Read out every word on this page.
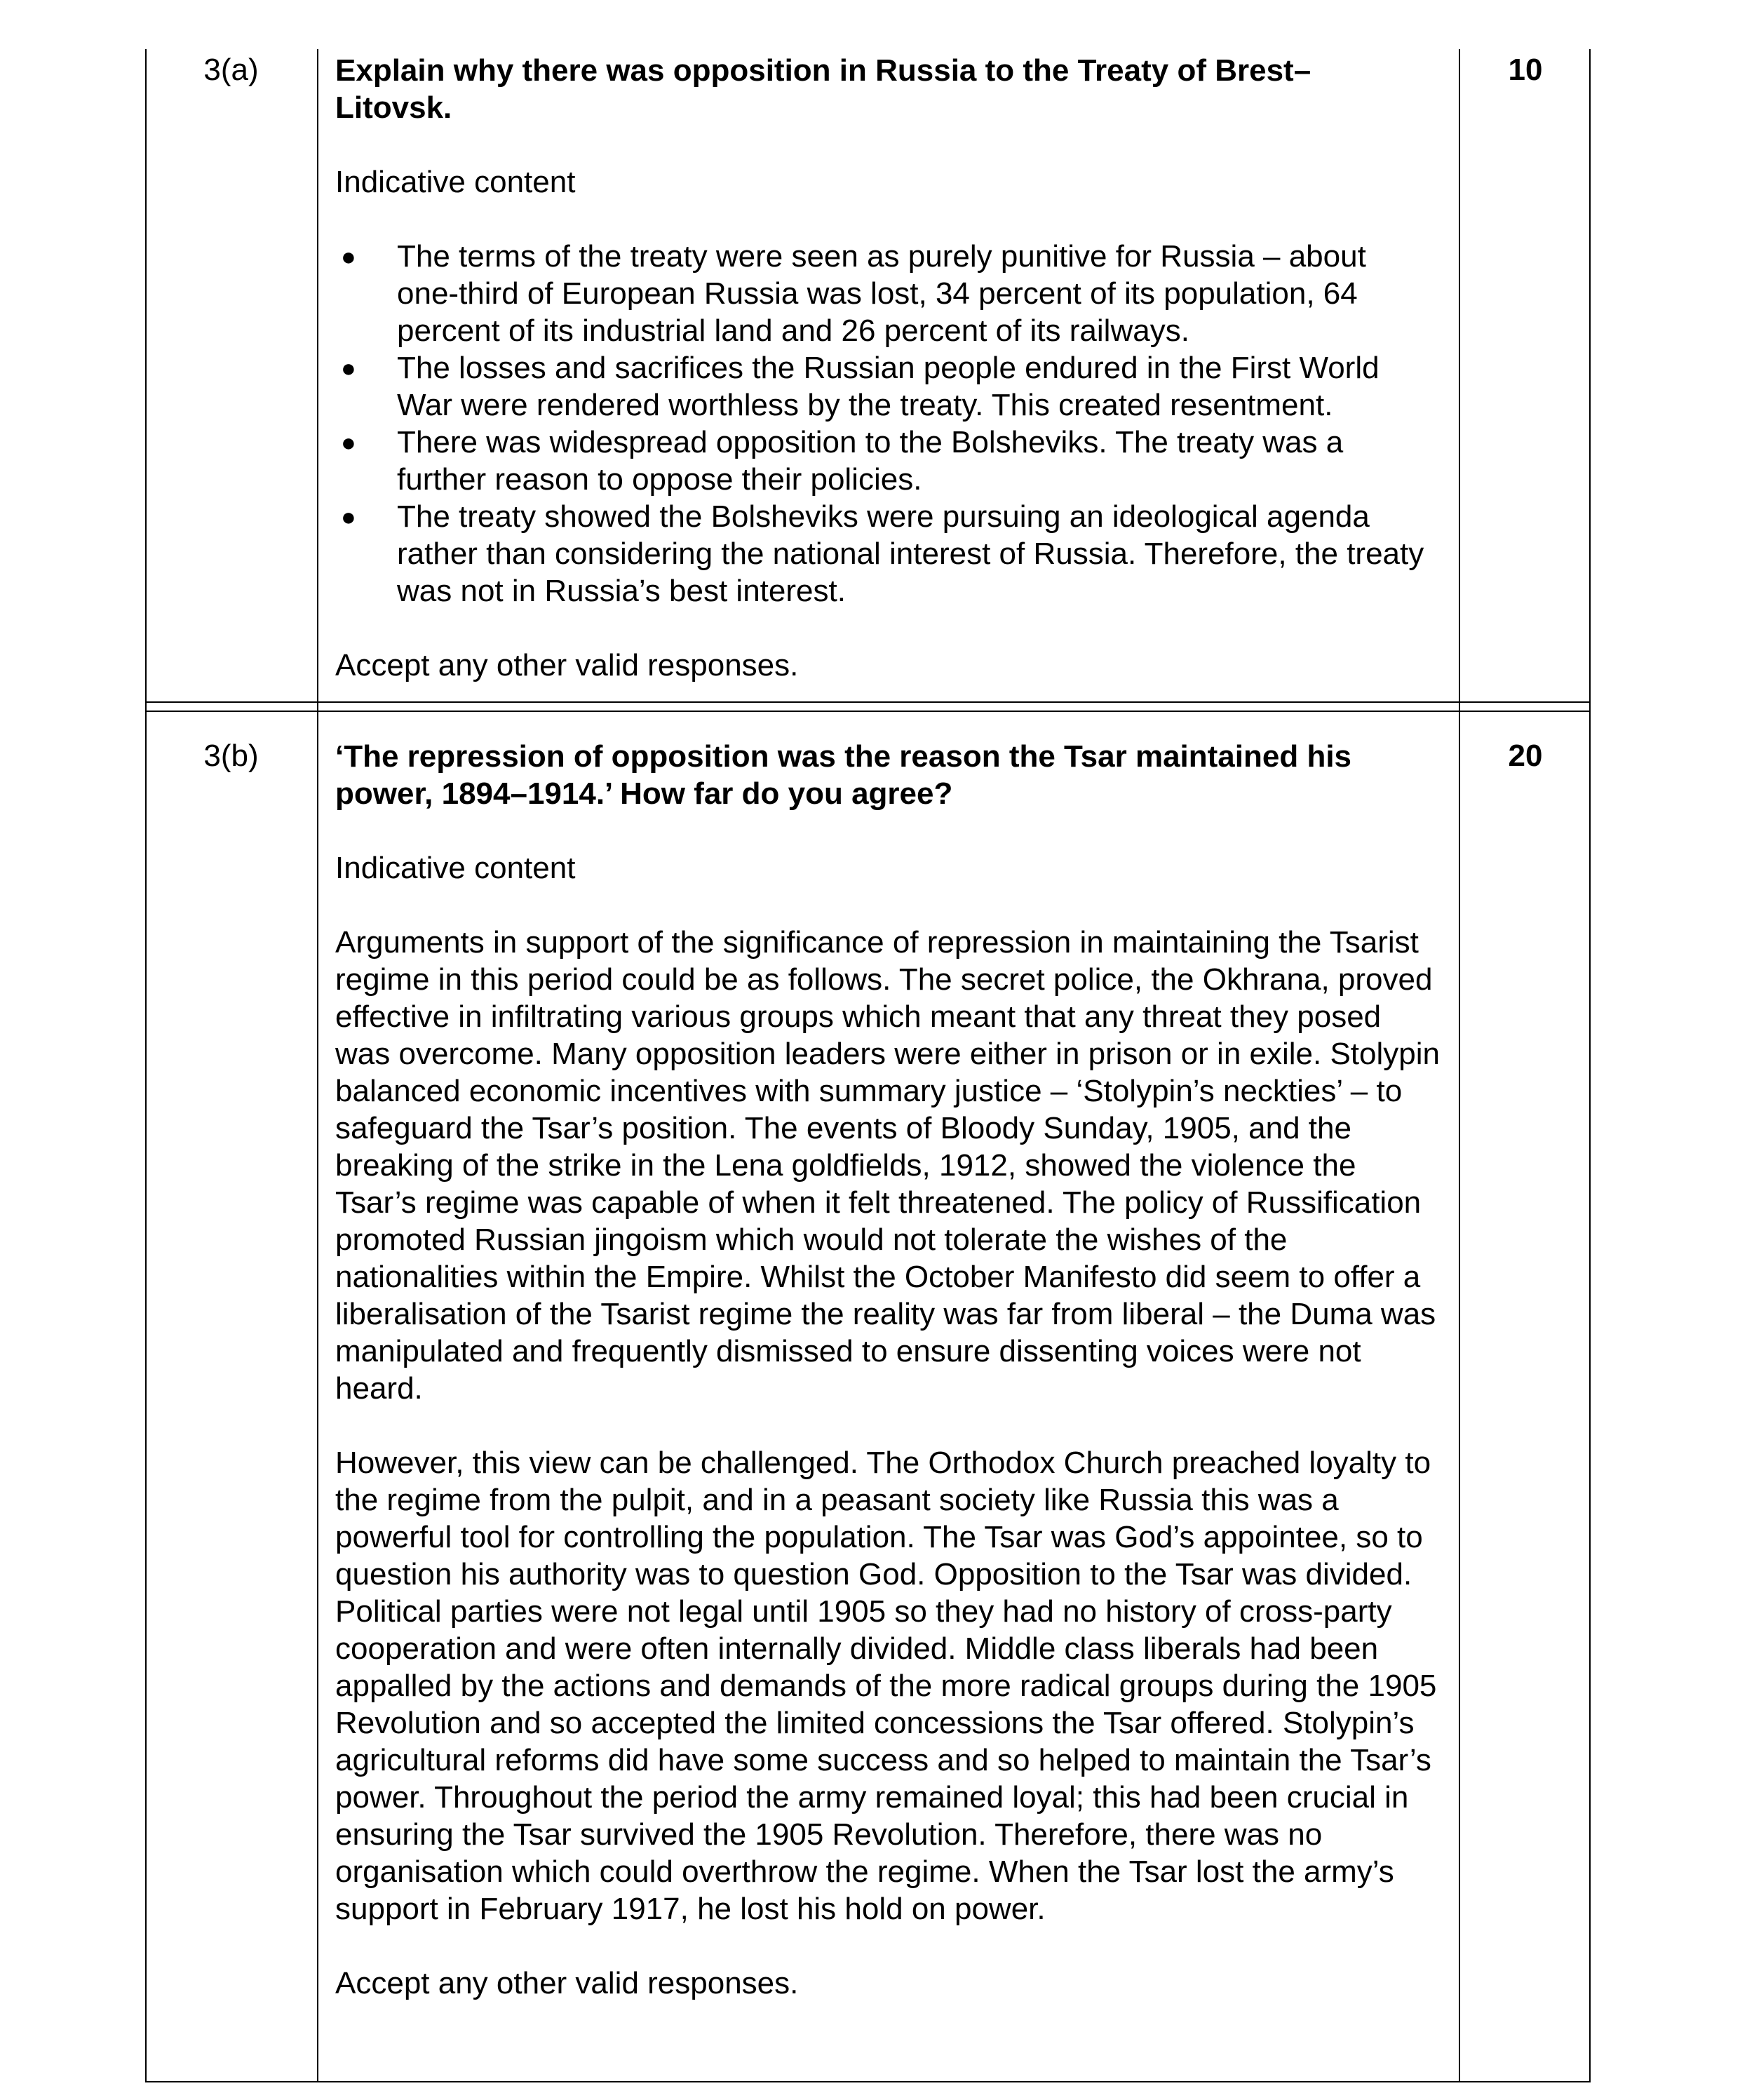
3(a)	10

Explain why there was opposition in Russia to the Treaty of Brest–Litovsk.

Indicative content

● The terms of the treaty were seen as purely punitive for Russia – about one-third of European Russia was lost, 34 percent of its population, 64 percent of its industrial land and 26 percent of its railways.
● The losses and sacrifices the Russian people endured in the First World War were rendered worthless by the treaty. This created resentment.
● There was widespread opposition to the Bolsheviks. The treaty was a further reason to oppose their policies.
● The treaty showed the Bolsheviks were pursuing an ideological agenda rather than considering the national interest of Russia. Therefore, the treaty was not in Russia’s best interest.

Accept any other valid responses.

3(b)	20

‘The repression of opposition was the reason the Tsar maintained his power, 1894–1914.’ How far do you agree?

Indicative content

Arguments in support of the significance of repression in maintaining the Tsarist regime in this period could be as follows. The secret police, the Okhrana, proved effective in infiltrating various groups which meant that any threat they posed was overcome. Many opposition leaders were either in prison or in exile. Stolypin balanced economic incentives with summary justice – ‘Stolypin’s neckties’ – to safeguard the Tsar’s position. The events of Bloody Sunday, 1905, and the breaking of the strike in the Lena goldfields, 1912, showed the violence the Tsar’s regime was capable of when it felt threatened. The policy of Russification promoted Russian jingoism which would not tolerate the wishes of the nationalities within the Empire. Whilst the October Manifesto did seem to offer a liberalisation of the Tsarist regime the reality was far from liberal – the Duma was manipulated and frequently dismissed to ensure dissenting voices were not heard.

However, this view can be challenged. The Orthodox Church preached loyalty to the regime from the pulpit, and in a peasant society like Russia this was a powerful tool for controlling the population. The Tsar was God’s appointee, so to question his authority was to question God. Opposition to the Tsar was divided. Political parties were not legal until 1905 so they had no history of cross-party cooperation and were often internally divided. Middle class liberals had been appalled by the actions and demands of the more radical groups during the 1905 Revolution and so accepted the limited concessions the Tsar offered. Stolypin’s agricultural reforms did have some success and so helped to maintain the Tsar’s power. Throughout the period the army remained loyal; this had been crucial in ensuring the Tsar survived the 1905 Revolution. Therefore, there was no organisation which could overthrow the regime. When the Tsar lost the army’s support in February 1917, he lost his hold on power.

Accept any other valid responses.
